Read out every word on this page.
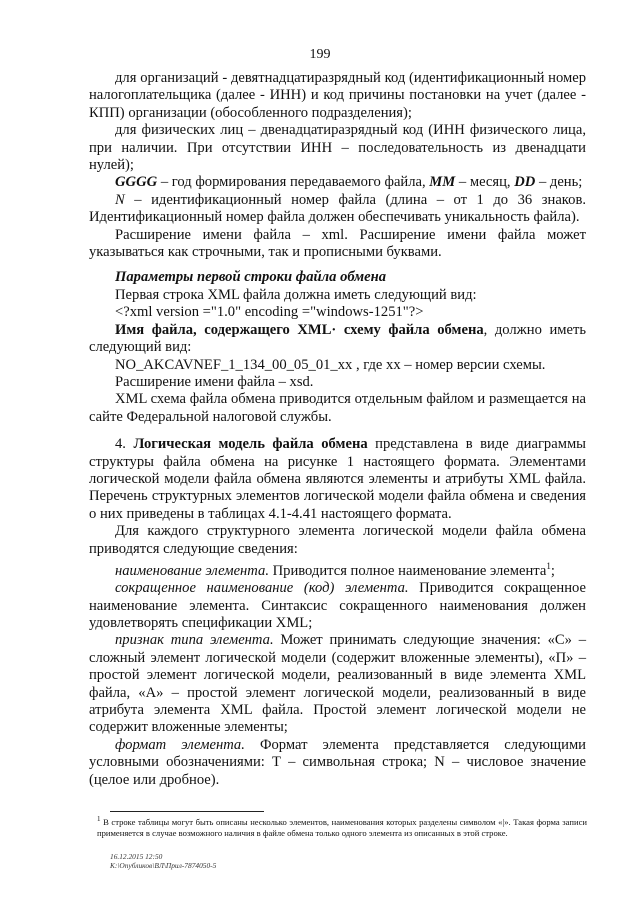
199

для организаций - девятнадцатиразрядный код (идентификационный номер налогоплательщика (далее - ИНН) и код причины постановки на учет (далее - КПП) организации (обособленного подразделения);

для физических лиц – двенадцатиразрядный код (ИНН физического лица, при наличии. При отсутствии ИНН – последовательность из двенадцати нулей);

GGGG – год формирования передаваемого файла, MM – месяц, DD – день;

N – идентификационный номер файла (длина – от 1 до 36 знаков. Идентификационный номер файла должен обеспечивать уникальность файла).

Расширение имени файла – xml. Расширение имени файла может указываться как строчными, так и прописными буквами.

Параметры первой строки файла обмена

Первая строка XML файла должна иметь следующий вид:

<?xml version ="1.0" encoding ="windows-1251"?>

Имя файла, содержащего XML· схему файла обмена, должно иметь следующий вид:

NO_AKCAVNEF_1_134_00_05_01_xx , где хх – номер версии схемы.

Расширение имени файла – xsd.

XML схема файла обмена приводится отдельным файлом и размещается на сайте Федеральной налоговой службы.

4. Логическая модель файла обмена представлена в виде диаграммы структуры файла обмена на рисунке 1 настоящего формата. Элементами логической модели файла обмена являются элементы и атрибуты XML файла. Перечень структурных элементов логической модели файла обмена и сведения о них приведены в таблицах 4.1-4.41 настоящего формата.

Для каждого структурного элемента логической модели файла обмена приводятся следующие сведения:

наименование элемента. Приводится полное наименование элемента$^1$;

сокращенное наименование (код) элемента. Приводится сокращенное наименование элемента. Синтаксис сокращенного наименования должен удовлетворять спецификации XML;

признак типа элемента. Может принимать следующие значения: «С» – сложный элемент логической модели (содержит вложенные элементы), «П» – простой элемент логической модели, реализованный в виде элемента XML файла, «А» – простой элемент логической модели, реализованный в виде атрибута элемента XML файла. Простой элемент логической модели не содержит вложенные элементы;

формат элемента. Формат элемента представляется следующими условными обозначениями: Т – символьная строка; N – числовое значение (целое или дробное).

$^1$ В строке таблицы могут быть описаны несколько элементов, наименования которых разделены символом «|». Такая форма записи применяется в случае возможного наличия в файле обмена только одного элемента из описанных в этой строке.

16.12.2015 12:50
К:\Опубликов\ВЛ\Прил-7874050-5
